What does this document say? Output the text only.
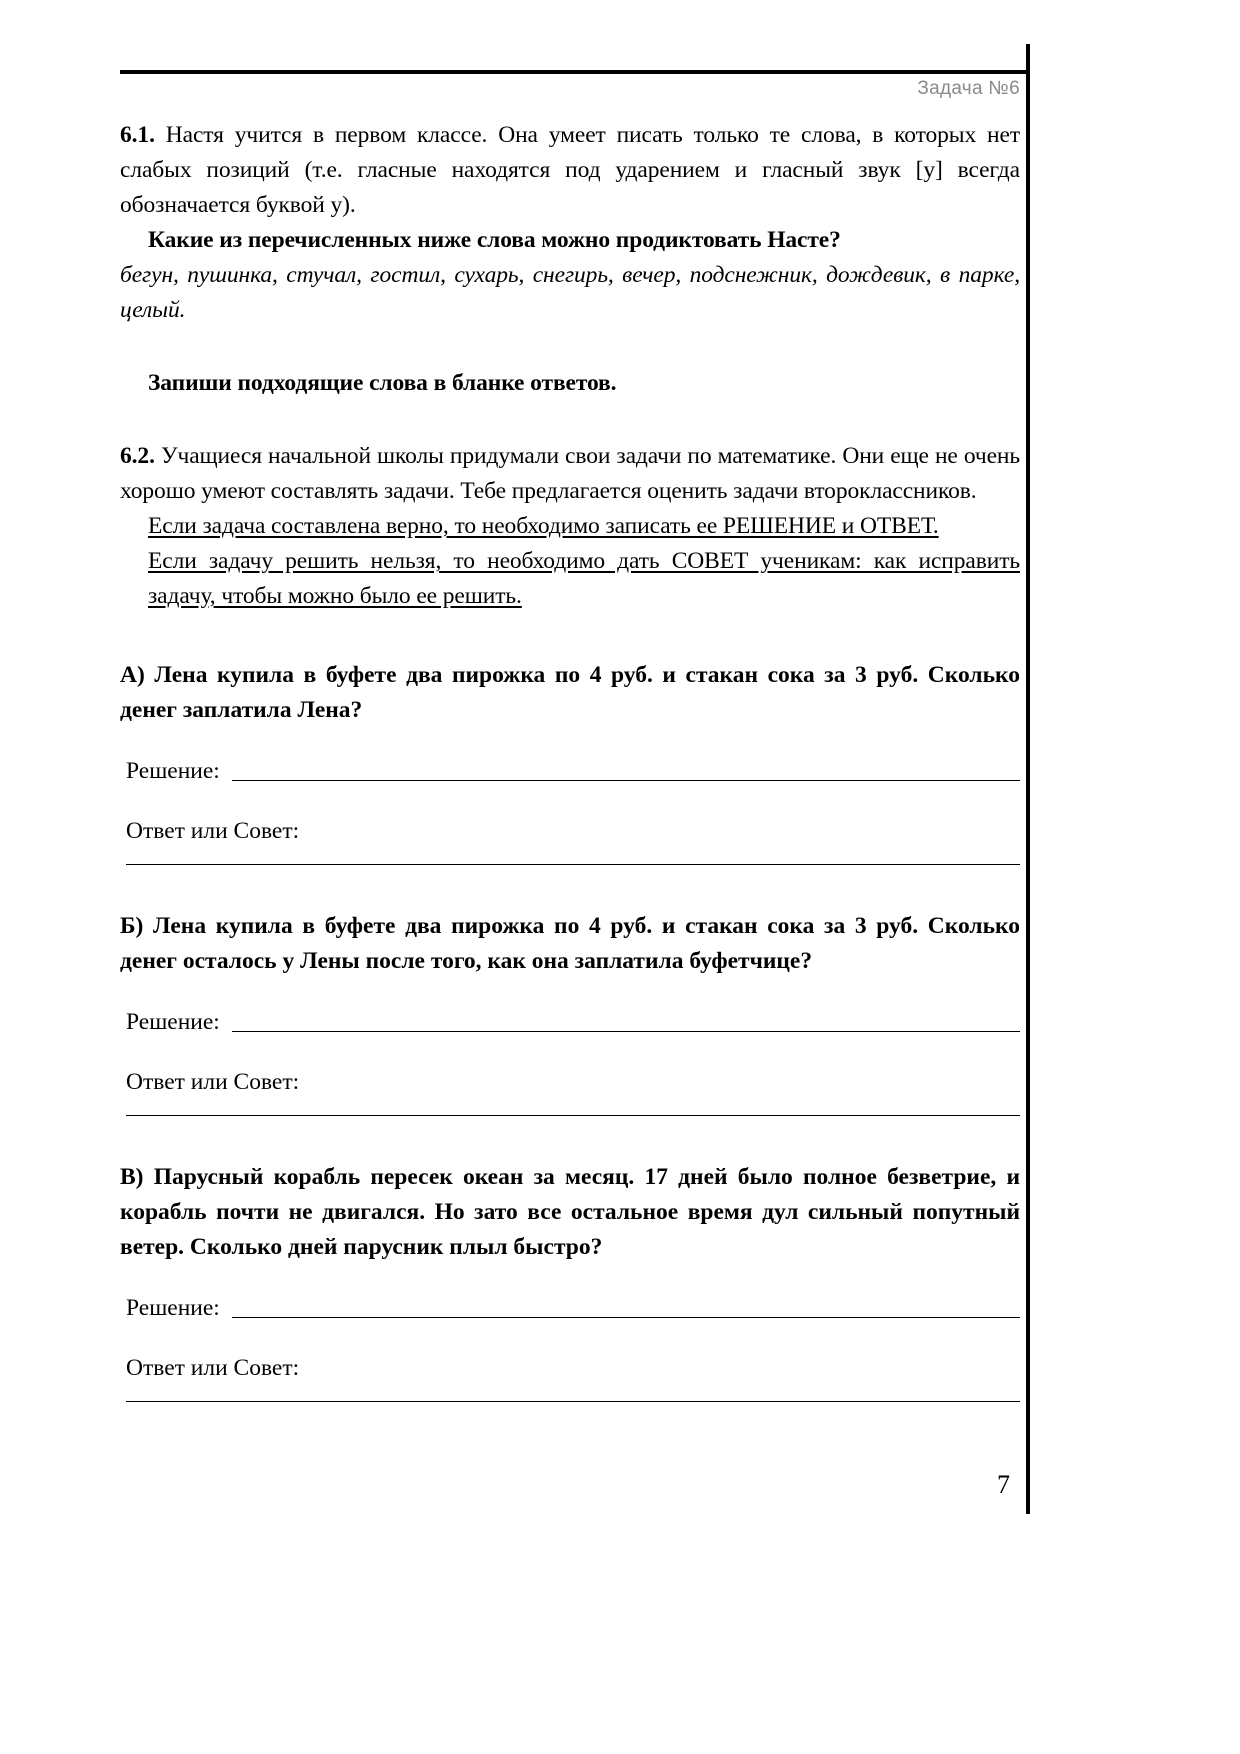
Задача №6

6.1. Настя учится в первом классе. Она умеет писать только те слова, в которых нет слабых позиций (т.е. гласные находятся под ударением и гласный звук [у] всегда обозначается буквой у).

Какие из перечисленных ниже слова можно продиктовать Насте?
бегун, пушинка, стучал, гостил, сухарь, снегирь, вечер, подснежник, дождевик, в парке, целый.
Запиши подходящие слова в бланке ответов.

6.2. Учащиеся начальной школы придумали свои задачи по математике. Они еще не очень хорошо умеют составлять задачи. Тебе предлагается оценить задачи второклассников.

Если задача составлена верно, то необходимо записать ее РЕШЕНИЕ и ОТВЕТ.
Если задачу решить нельзя, то необходимо дать СОВЕТ ученикам: как исправить задачу, чтобы можно было ее решить.
А) Лена купила в буфете два пирожка по 4 руб. и стакан сока за 3 руб. Сколько денег заплатила Лена?
Решение:
Ответ или Совет:
Б) Лена купила в буфете два пирожка по 4 руб. и стакан сока за 3 руб. Сколько денег осталось у Лены после того, как она заплатила буфетчице?
Решение:
Ответ или Совет:
В) Парусный корабль пересек океан за месяц. 17 дней было полное безветрие, и корабль почти не двигался. Но зато все остальное время дул сильный попутный ветер. Сколько дней парусник плыл быстро?
Решение:
Ответ или Совет:
7
